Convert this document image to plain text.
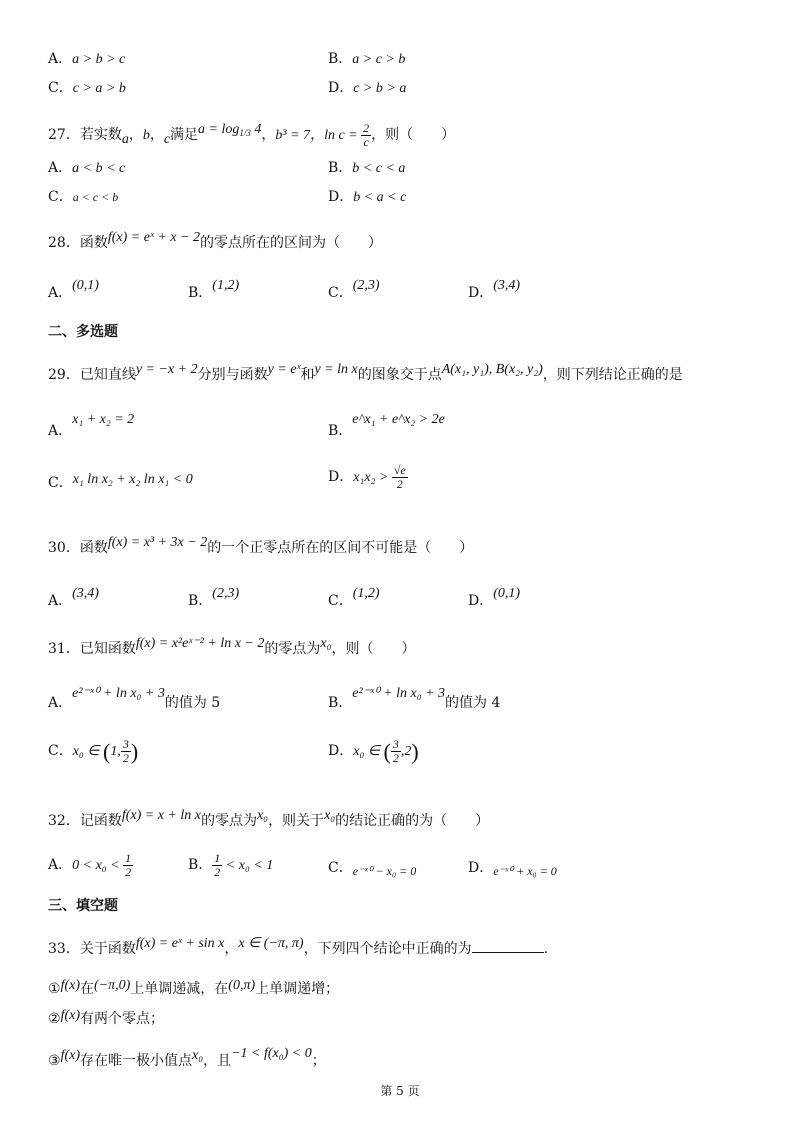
A．a > b > c	B．a > c > b
C．c > a > b	D．c > b > a
27．若实数a，b，c满足$a = \log_{1/3} 4$，b³ = 7，$\ln c = \frac{2}{c}$ ，则（　　）
A．a < b < c	B．b < c < a
C．a < c < b	D．b < a < c
28．函数f(x) = eˣ + x − 2的零点所在的区间为（　　）
A．(0,1)	B．(1,2)	C．(2,3)	D．(3,4)
二、多选题
29．已知直线y = −x + 2分别与函数y = eˣ和y = ln x的图象交于点A(x₁, y₁), B(x₂, y₂)，则下列结论正确的是
A．x₁ + x₂ = 2
B．e^x₁ + e^x₂ > 2e
C．x₁ ln x₂ + x₂ ln x₁ < 0	D．$x_1x_2 > \frac{√e}{2}$
30．函数f(x) = x³ + 3x − 2的一个正零点所在的区间不可能是（　　）
A．(3,4)	B．(2,3)	C．(1,2)	D．(0,1)
31．已知函数f(x) = x²eˣ⁻² + ln x − 2的零点为x₀，则（　　）
A．e²⁻ˣ⁰ + ln x₀ + 3的值为 5	B．e²⁻ˣ⁰ + ln x₀ + 3的值为 4
C．x₀ ∈ (1, $\frac{3}{2}$ )	D．x₀ ∈ ( $\frac{3}{2} ,2$)
32．记函数f(x) = x + ln x的零点为x₀，则关于x₀的结论正确的为（　　）
A．$0 < x_0 < \frac{1}{2}$	B． $\frac{1}{2} < x_0 < 1$	C．e⁻ˣ⁰ − x₀ = 0	D．e⁻ˣ⁰ + x₀ = 0
三、填空题
33．关于函数f(x) = eˣ + sin x，x ∈ (−π, π)，下列四个结论中正确的为	.
①f(x)在(−π,0)上单调递减，在(0,π)上单调递增；
②f(x)有两个零点；
③f(x)存在唯一极小值点x₀，且−1 < f(x₀) < 0；
第 5 页
